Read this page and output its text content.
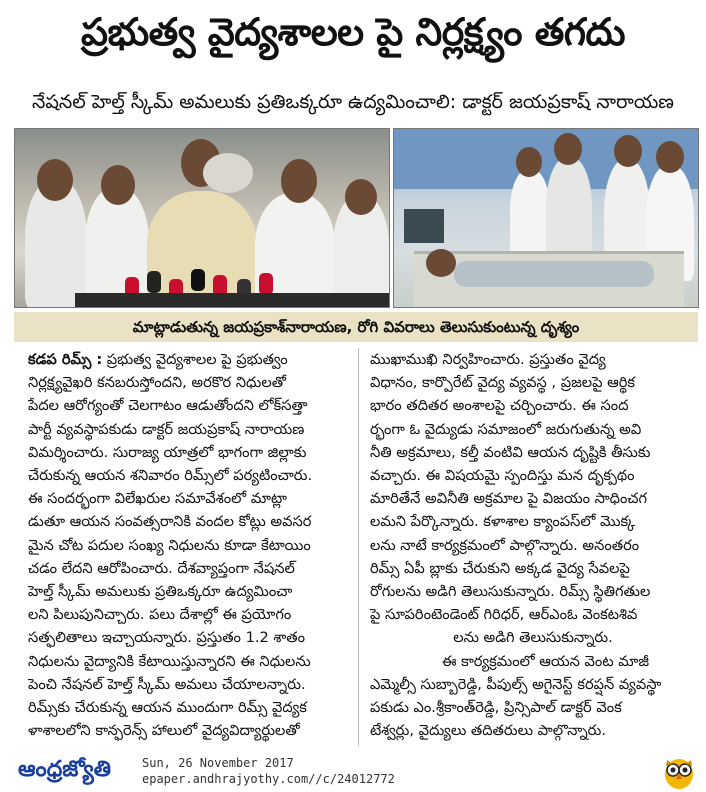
ప్రభుత్వ వైద్యశాలల పై నిర్లక్ష్యం తగదు
నేషనల్ హెల్త్ స్కీమ్ అమలుకు ప్రతిఒక్కరూ ఉద్యమించాలి: డాక్టర్ జయప్రకాష్ నారాయణ
మాట్లాడుతున్న జయప్రకాశ్‌నారాయణ, రోగి వివరాలు తెలుసుకుంటున్న దృశ్యం

కడప రిమ్స్ : ప్రభుత్వ వైద్యశాలల పై ప్రభుత్వం

నిర్లక్ష్యవైఖరి కనబరుస్తోందని, అరకొర నిధులతో

పేదల ఆరోగ్యంతో చెలగాటం ఆడుతోందని లోక్‌సత్తా

పార్టీ వ్యవస్థాపకుడు డాక్టర్ జయప్రకాష్ నారాయణ

విమర్శించారు. సురాజ్య యాత్రలో భాగంగా జిల్లాకు

చేరుకున్న ఆయన శనివారం రిమ్స్‌లో పర్యటించారు.

ఈ సందర్భంగా విలేఖరుల సమావేశంలో మాట్లా

డుతూ ఆయన సంవత్సరానికి వందల కోట్లు అవసర

మైన చోట పదుల సంఖ్య నిధులను కూడా కేటాయిం

చడం లేదని ఆరోపించారు. దేశవ్యాప్తంగా నేషనల్

హెల్త్ స్కీమ్ అమలుకు ప్రతిఒక్కరూ ఉద్యమించా

లని పిలుపునిచ్చారు. పలు దేశాల్లో ఈ ప్రయోగం

సత్ఫలితాలు ఇచ్చాయన్నారు. ప్రస్తుతం 1.2 శాతం

నిధులను వైద్యానికి కేటాయిస్తున్నారని ఈ నిధులను

పెంచి నేషనల్ హెల్త్ స్కీమ్ అమలు చేయాలన్నారు.

రిమ్స్‌కు చేరుకున్న ఆయన ముందుగా రిమ్స్ వైద్యక

ళాశాలలోని కాన్ఫరెన్స్ హాలులో వైద్యవిద్యార్థులతో

ముఖాముఖి నిర్వహించారు. ప్రస్తుతం వైద్య

విధానం, కార్పొరేట్ వైద్య వ్యవస్థ , ప్రజలపై ఆర్థిక

భారం తదితర అంశాలపై చర్చించారు. ఈ సంద

ర్భంగా ఓ వైద్యుడు సమాజంలో జరుగుతున్న అవి

నీతి అక్రమాలు, కల్తీ వంటివి ఆయన దృష్టికి తీసుకు

వచ్చారు. ఈ విషయమై స్పందిస్తు మన దృక్పథం

మారితేనే అవినీతి అక్రమాల పై విజయం సాధించగ

లమని పేర్కొన్నారు. కళాశాల క్యాంపస్‌లో మొక్క

లను నాటే కార్యక్రమంలో పాల్గొన్నారు. అనంతరం

రిమ్స్ ఏపీ బ్లాకు చేరుకుని అక్కడ వైద్య సేవలపై

రోగులను అడిగి తెలుసుకున్నారు. రిమ్స్ స్థితిగతుల

పై సూపరింటెండెంట్ గిరిధర్, ఆర్ఎంఓ వెంకటశివ

లను అడిగి తెలుసుకున్నారు.

ఈ కార్యక్రమంలో ఆయన వెంట మాజీ

ఎమ్మెల్సీ సుబ్బారెడ్డి, పీపుల్స్ అగైనెస్ట్ కరప్షన్ వ్యవస్థా

పకుడు ఎం.శ్రీకాంత్‌రెడ్డి, ప్రిన్సిపాల్ డాక్టర్ వెంక

టేశ్వర్లు, వైద్యులు తదితరులు పాల్గొన్నారు.

ఆంధ్రజ్యోతి	Sun, 26 November 2017
epaper.andhrajyothy.com//c/24012772
